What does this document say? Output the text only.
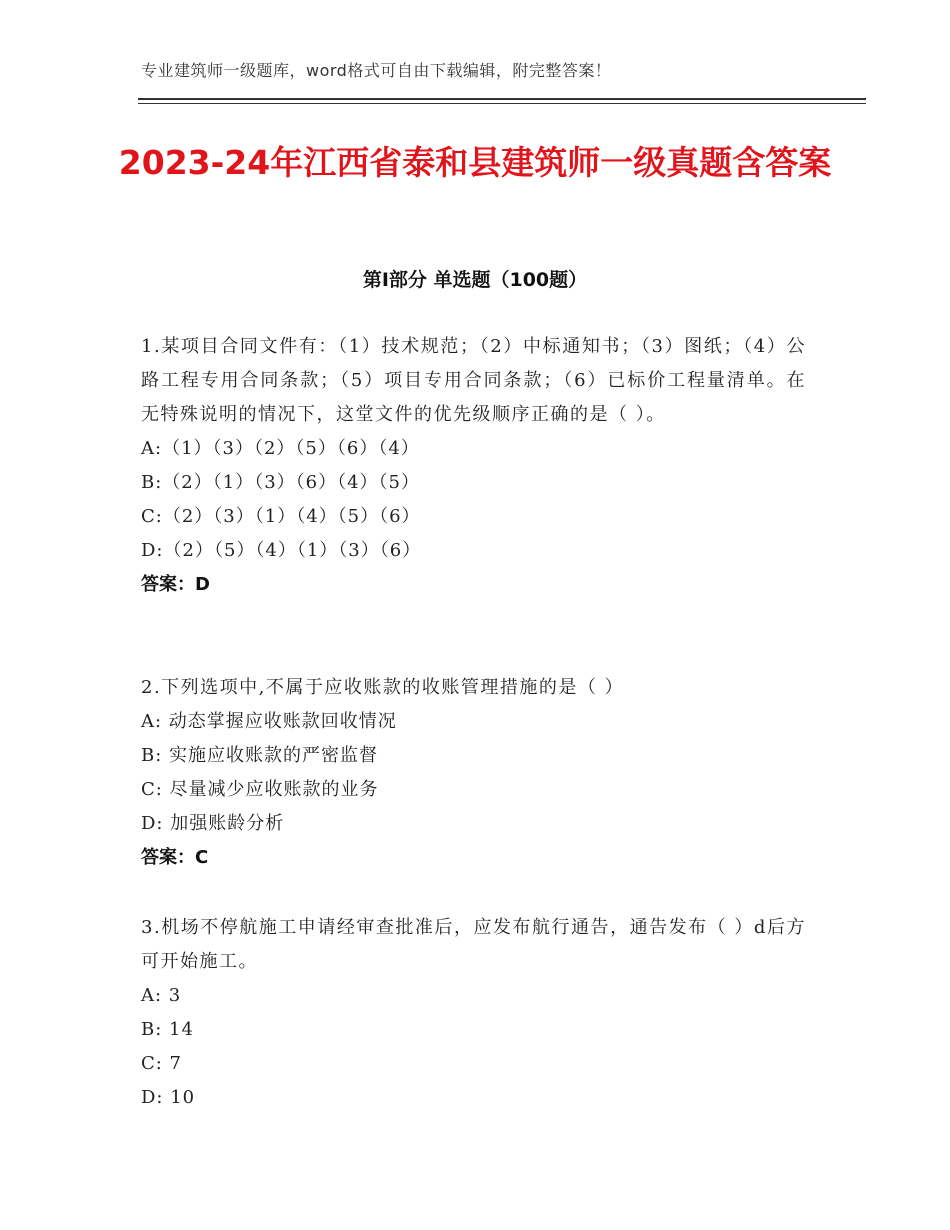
专业建筑师一级题库，word格式可自由下载编辑，附完整答案！
2023-24年江西省泰和县建筑师一级真题含答案
第Ⅰ部分 单选题（100题）

1.某项目合同文件有：（1）技术规范；（2）中标通知书；（3）图纸；（4）公路工程专用合同条款；（5）项目专用合同条款；（6）已标价工程量清单。在无特殊说明的情况下，这堂文件的优先级顺序正确的是（ ）。

A:（1）（3）（2）（5）（6）（4）

B:（2）（1）（3）（6）（4）（5）

C:（2）（3）（1）（4）（5）（6）

D:（2）（5）（4）（1）（3）（6）

答案：D

2.下列选项中,不属于应收账款的收账管理措施的是（ ）

A: 动态掌握应收账款回收情况

B: 实施应收账款的严密监督

C: 尽量减少应收账款的业务

D: 加强账龄分析

答案：C

3.机场不停航施工申请经审查批准后，应发布航行通告，通告发布（ ）d后方可开始施工。

A: 3

B: 14

C: 7

D: 10
